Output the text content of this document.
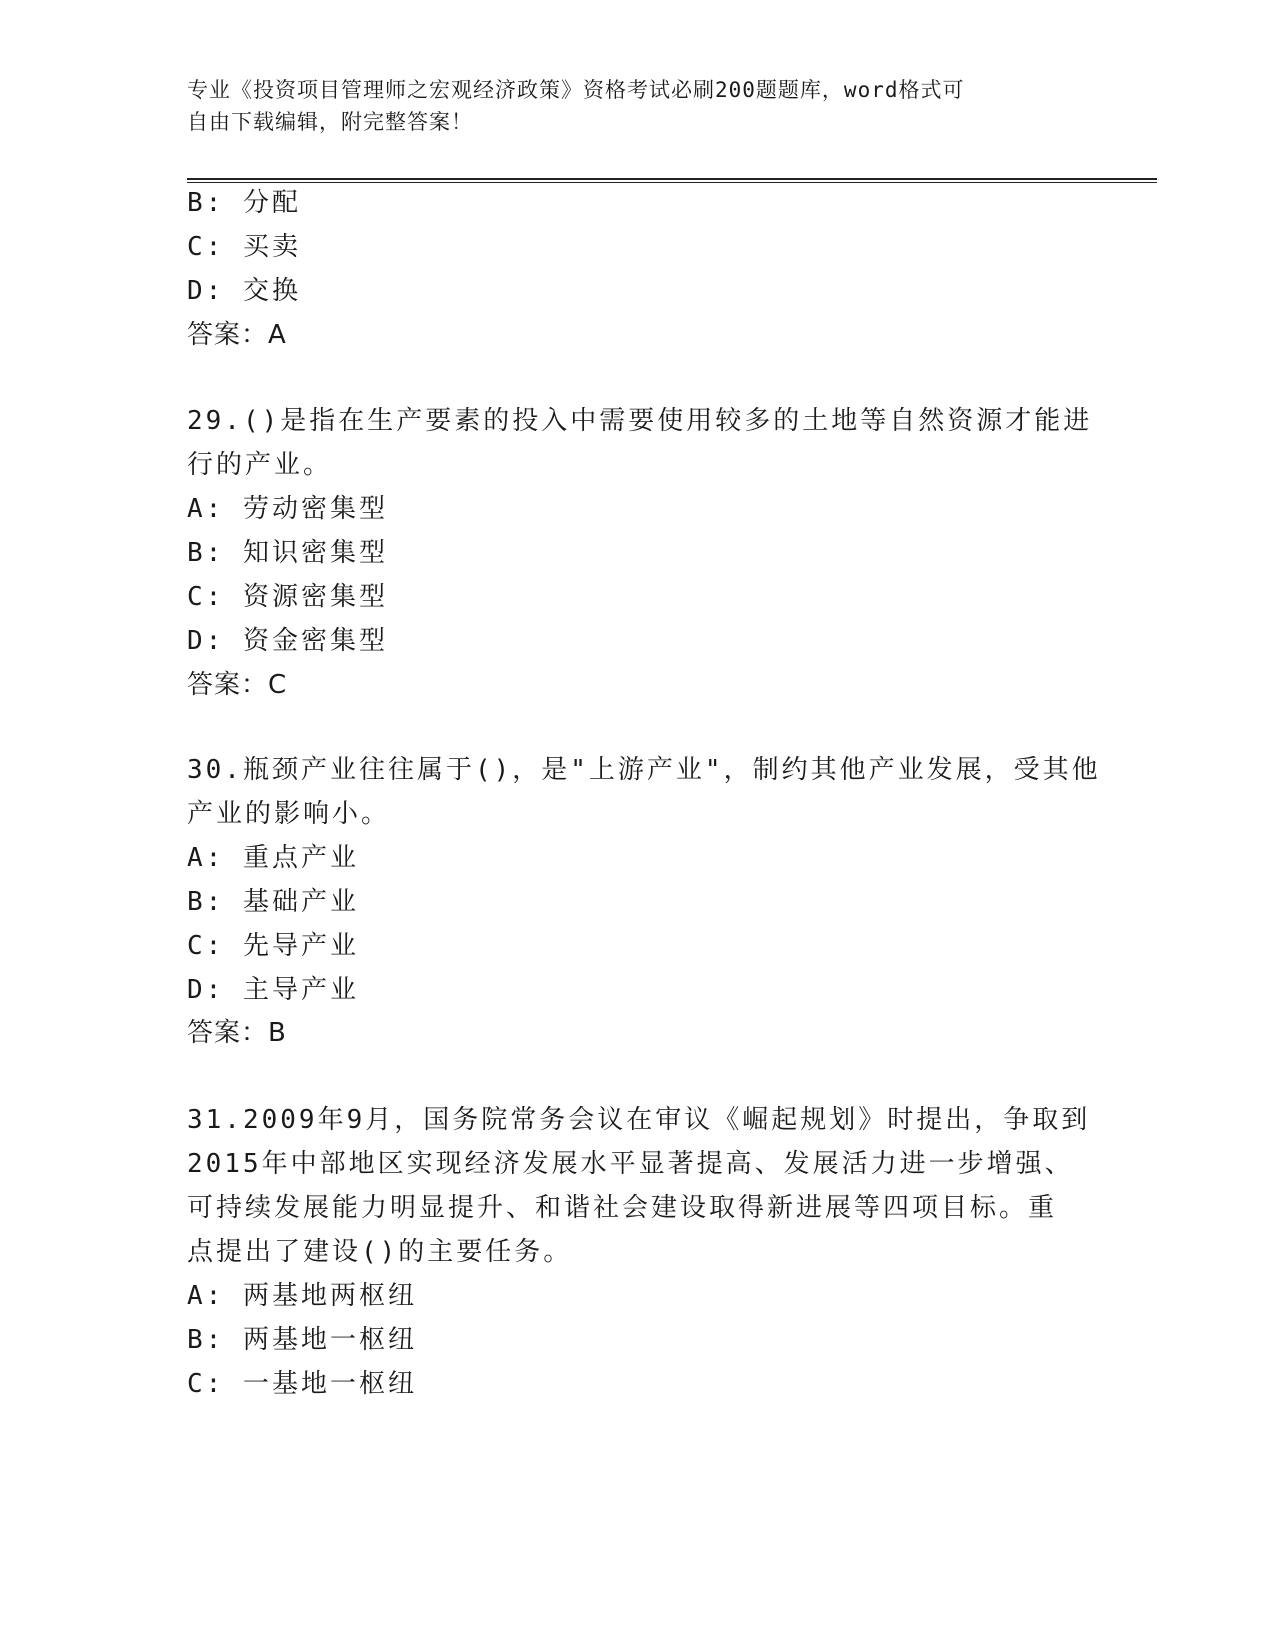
专业《投资项目管理师之宏观经济政策》资格考试必刷200题题库，word格式可
自由下载编辑，附完整答案！
B: 分配
C: 买卖
D: 交换
答案：A
29.()是指在生产要素的投入中需要使用较多的土地等自然资源才能进
行的产业。
A: 劳动密集型
B: 知识密集型
C: 资源密集型
D: 资金密集型
答案：C
30.瓶颈产业往往属于()，是"上游产业"，制约其他产业发展，受其他
产业的影响小。
A: 重点产业
B: 基础产业
C: 先导产业
D: 主导产业
答案：B
31.2009年9月，国务院常务会议在审议《崛起规划》时提出，争取到
2015年中部地区实现经济发展水平显著提高、发展活力进一步增强、
可持续发展能力明显提升、和谐社会建设取得新进展等四项目标。重
点提出了建设()的主要任务。
A: 两基地两枢纽
B: 两基地一枢纽
C: 一基地一枢纽
